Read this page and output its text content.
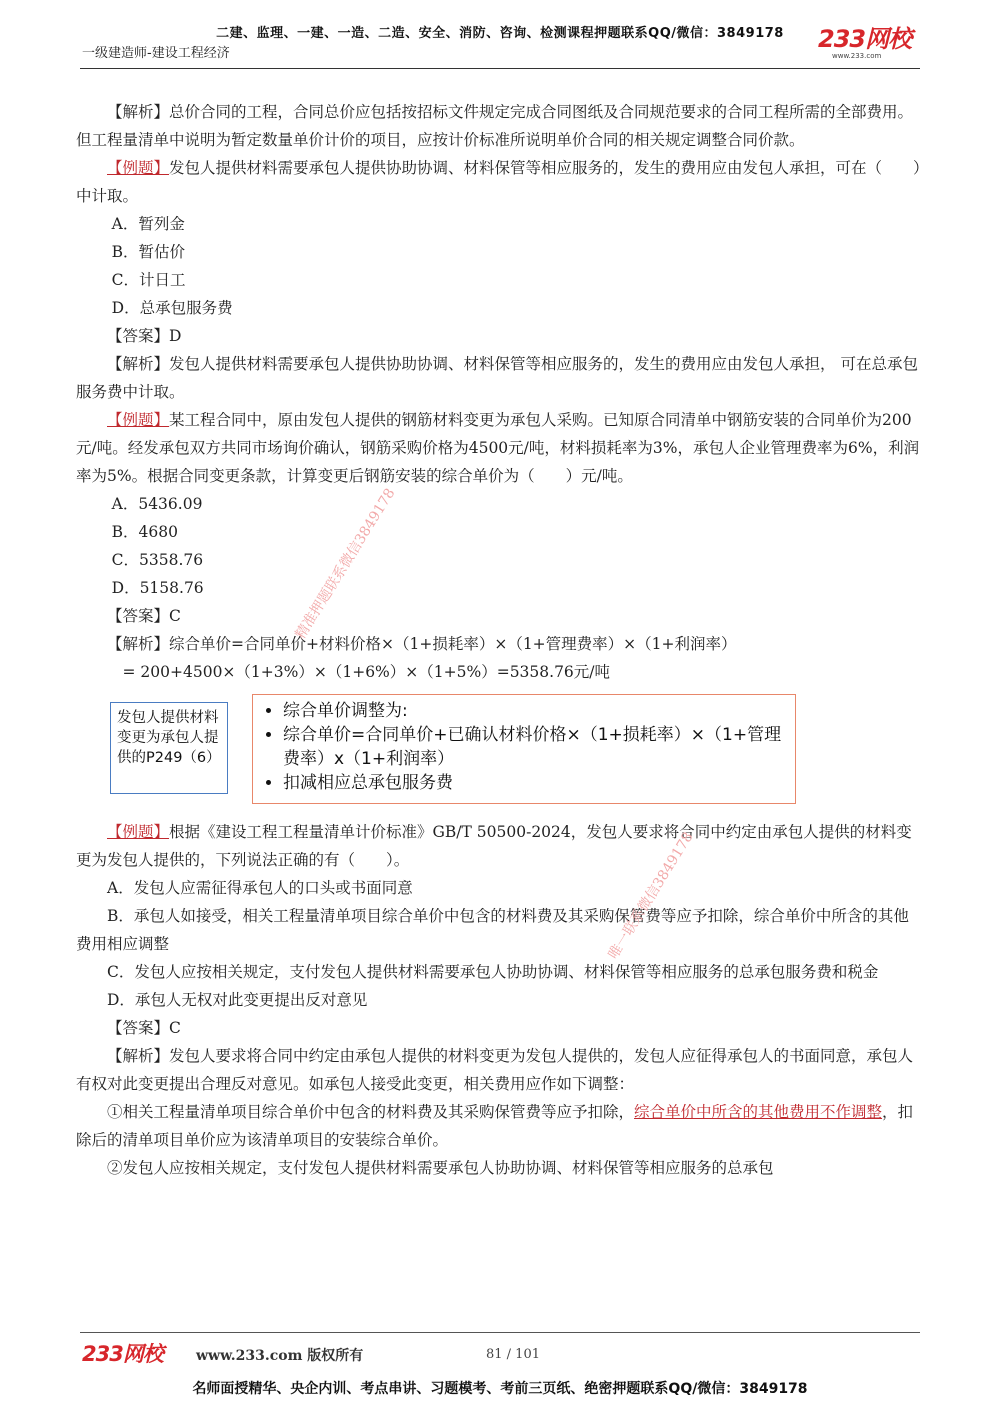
二建、监理、一建、一造、二造、安全、消防、咨询、检测课程押题联系QQ/微信：3849178
一级建造师-建设工程经济
233网校
www.233.com

【解析】总价合同的工程，合同总价应包括按招标文件规定完成合同图纸及合同规范要求的合同工程所需的全部费用。但工程量清单中说明为暂定数量单价计价的项目，应按计价标准所说明单价合同的相关规定调整合同价款。

【例题】发包人提供材料需要承包人提供协助协调、材料保管等相应服务的，发生的费用应由发包人承担，可在（　　）中计取。

A．暂列金

B．暂估价

C．计日工

D．总承包服务费

【答案】D

【解析】发包人提供材料需要承包人提供协助协调、材料保管等相应服务的，发生的费用应由发包人承担， 可在总承包服务费中计取。

【例题】某工程合同中，原由发包人提供的钢筋材料变更为承包人采购。已知原合同清单中钢筋安装的合同单价为200元/吨。经发承包双方共同市场询价确认，钢筋采购价格为4500元/吨，材料损耗率为3%，承包人企业管理费率为6%，利润率为5%。根据合同变更条款，计算变更后钢筋安装的综合单价为（　　）元/吨。

A．5436.09

B．4680

C．5358.76

D．5158.76

【答案】C

【解析】综合单价=合同单价+材料价格×（1+损耗率）×（1+管理费率）×（1+利润率）

= 200+4500×（1+3%）×（1+6%）×（1+5%）=5358.76元/吨

发包人提供材料变更为承包人提供的P249（6）
• 综合单价调整为:
• 综合单价=合同单价+已确认材料价格×（1+损耗率）×（1+管理费率）x（1+利润率）
• 扣减相应总承包服务费

【例题】根据《建设工程工程量清单计价标准》GB/T 50500-2024，发包人要求将合同中约定由承包人提供的材料变更为发包人提供的，下列说法正确的有（　　）。

A．发包人应需征得承包人的口头或书面同意

B．承包人如接受，相关工程量清单项目综合单价中包含的材料费及其采购保管费等应予扣除，综合单价中所含的其他费用相应调整

C．发包人应按相关规定，支付发包人提供材料需要承包人协助协调、材料保管等相应服务的总承包服务费和税金

D．承包人无权对此变更提出反对意见

【答案】C

【解析】发包人要求将合同中约定由承包人提供的材料变更为发包人提供的，发包人应征得承包人的书面同意，承包人有权对此变更提出合理反对意见。如承包人接受此变更，相关费用应作如下调整：

①相关工程量清单项目综合单价中包含的材料费及其采购保管费等应予扣除，综合单价中所含的其他费用不作调整，扣除后的清单项目单价应为该清单项目的安装综合单价。

②发包人应按相关规定，支付发包人提供材料需要承包人协助协调、材料保管等相应服务的总承包

精准押题联系微信3849178
唯一联系微信3849178
233网校 www.233.com 版权所有	81 / 101
名师面授精华、央企内训、考点串讲、习题模考、考前三页纸、绝密押题联系QQ/微信：3849178
